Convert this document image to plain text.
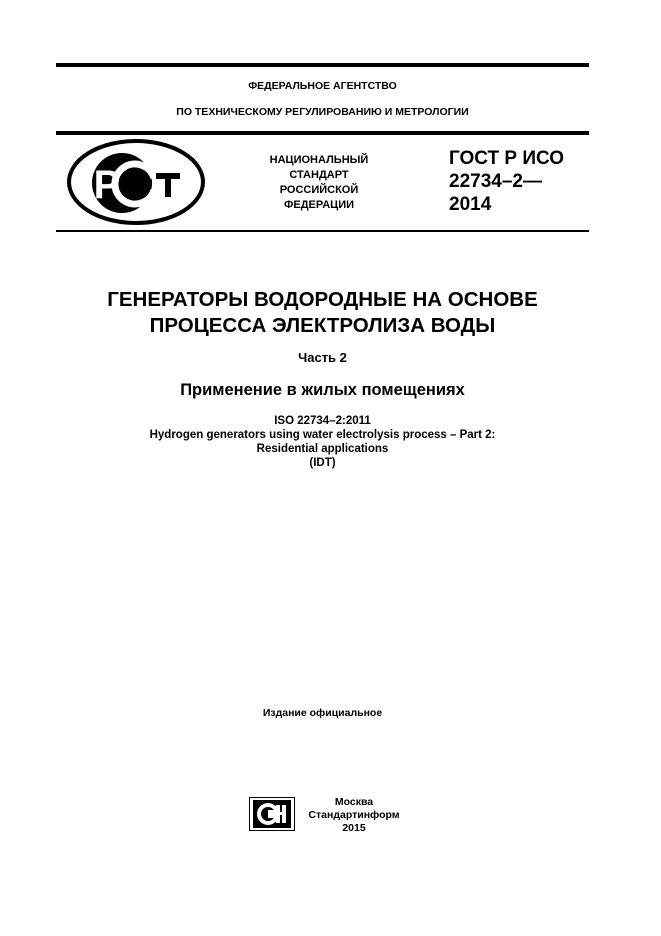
ФЕДЕРАЛЬНОЕ АГЕНТСТВО
ПО ТЕХНИЧЕСКОМУ РЕГУЛИРОВАНИЮ И МЕТРОЛОГИИ
Р
НАЦИОНАЛЬНЫЙ
СТАНДАРТ
РОССИЙСКОЙ
ФЕДЕРАЦИИ
ГОСТ Р ИСО
22734–2—
2014
ГЕНЕРАТОРЫ ВОДОРОДНЫЕ НА ОСНОВЕ
ПРОЦЕССА ЭЛЕКТРОЛИЗА ВОДЫ
Часть 2
Применение в жилых помещениях
ISO 22734–2:2011
Hydrogen generators using water electrolysis process – Part 2:
Residential applications
(IDT)
Издание официальное
Москва
Стандартинформ
2015
